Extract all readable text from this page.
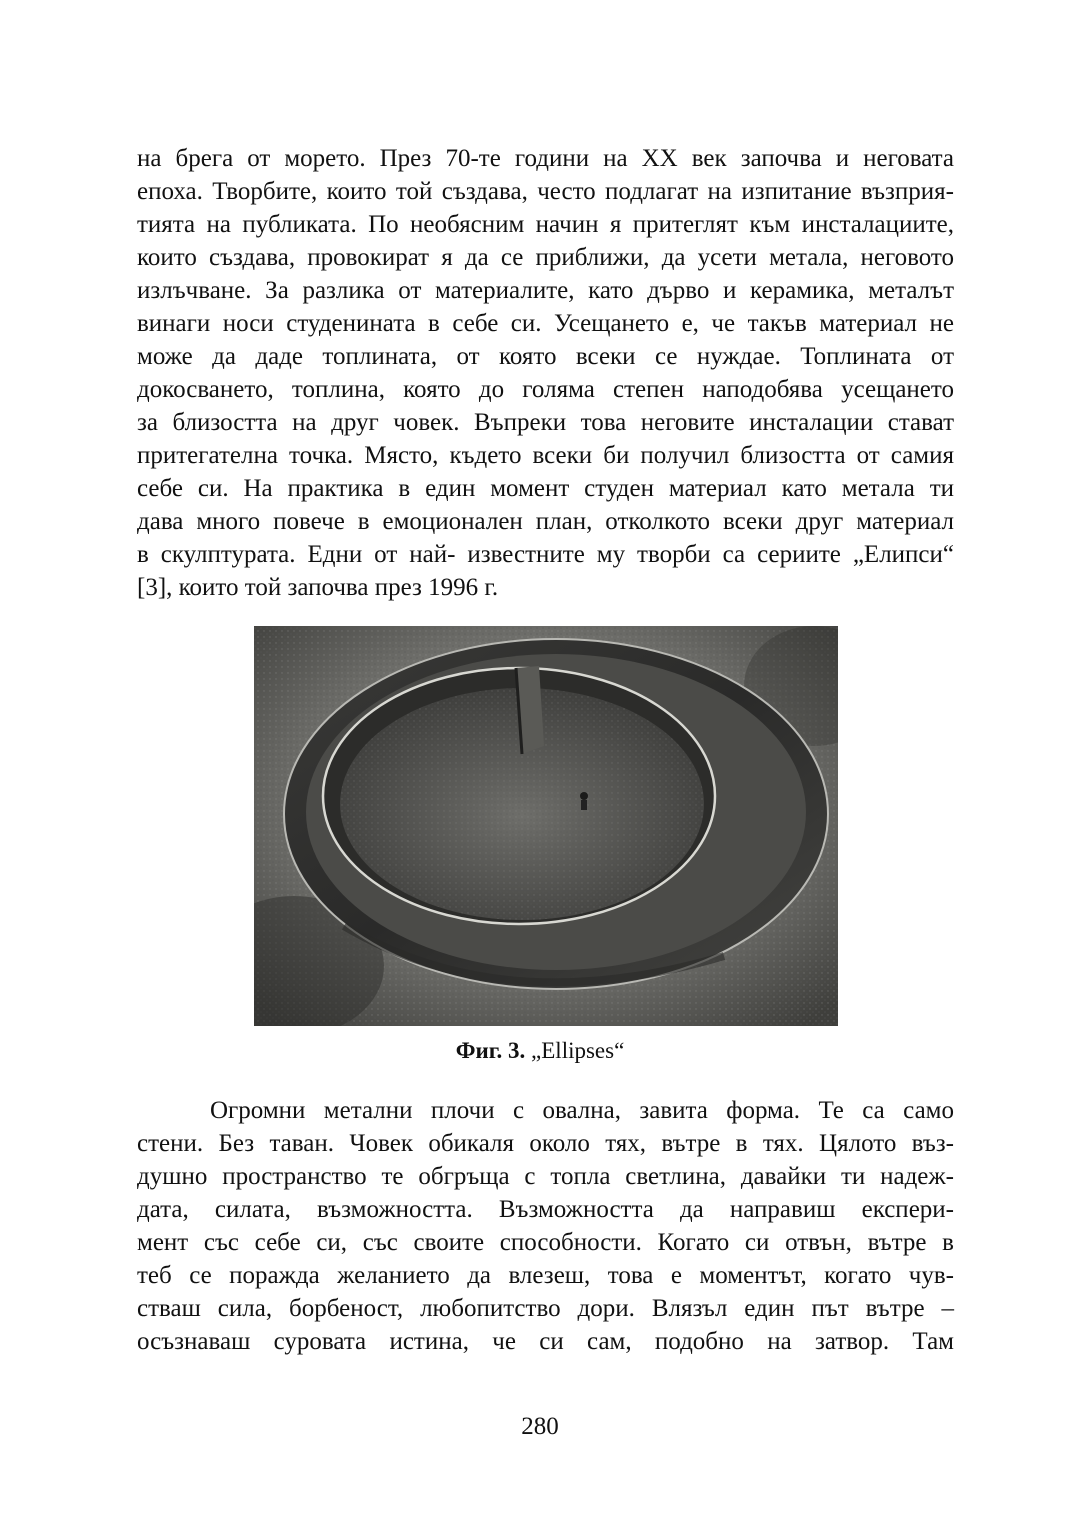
на брега от морето. През 70-те години на XX век започва и неговата
епоха. Творбите, които той създава, често подлагат на изпитание възприя-
тията на публиката. По необясним начин я притеглят към инсталациите,
които създава, провокират я да се приближи, да усети метала, неговото
излъчване. За разлика от материалите, като дърво и керамика, металът
винаги носи студенината в себе си. Усещането е, че такъв материал не
може да даде топлината, от която всеки се нуждае. Топлината от
докосването, топлина, която до голяма степен наподобява усещането
за близостта на друг човек. Въпреки това неговите инсталации стават
притегателна точка. Място, където всеки би получил близостта от самия
себе си. На практика в един момент студен материал като метала ти
дава много повече в емоционален план, отколкото всеки друг материал
в скулптурата. Едни от най- известните му творби са сериите „Елипси“
[3], които той започва през 1996 г.
Фиг. 3. „Ellipses“
Огромни метални плочи с овална, завита форма. Те са само
стени. Без таван. Човек обикаля около тях, вътре в тях. Цялото въз-
душно пространство те обгръща с топла светлина, давайки ти надеж-
дата, силата, възможността. Възможността да направиш експери-
мент със себе си, със своите способности. Когато си отвън, вътре в
теб се поражда желанието да влезеш, това е моментът, когато чув-
стваш сила, борбеност, любопитство дори. Влязъл един път вътре –
осъзнаваш суровата истина, че си сам, подобно на затвор. Там
280
